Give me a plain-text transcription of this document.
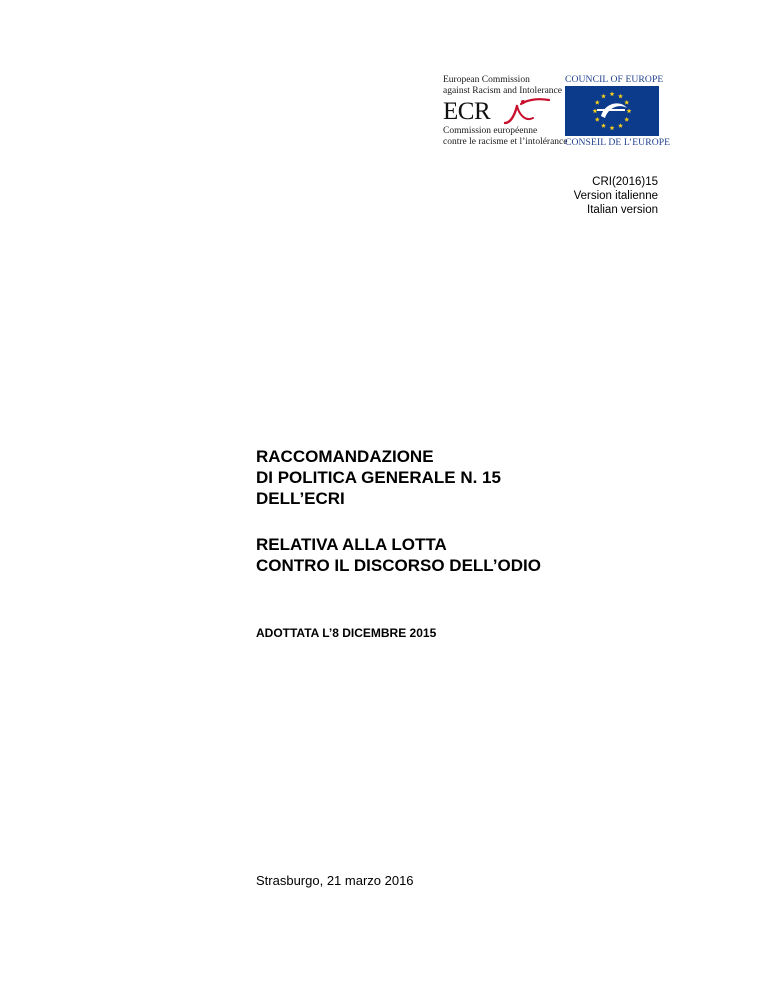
European Commission
against Racism and Intolerance
ECR
Commission européenne
contre le racisme et l’intolérance
COUNCIL OF EUROPE
CONSEIL DE L’EUROPE
CRI(2016)15
Version italienne
Italian version
RACCOMANDAZIONE
DI POLITICA GENERALE N. 15
DELL’ECRI
RELATIVA ALLA LOTTA
CONTRO IL DISCORSO DELL’ODIO
ADOTTATA L’8 DICEMBRE 2015
Strasburgo, 21 marzo 2016
